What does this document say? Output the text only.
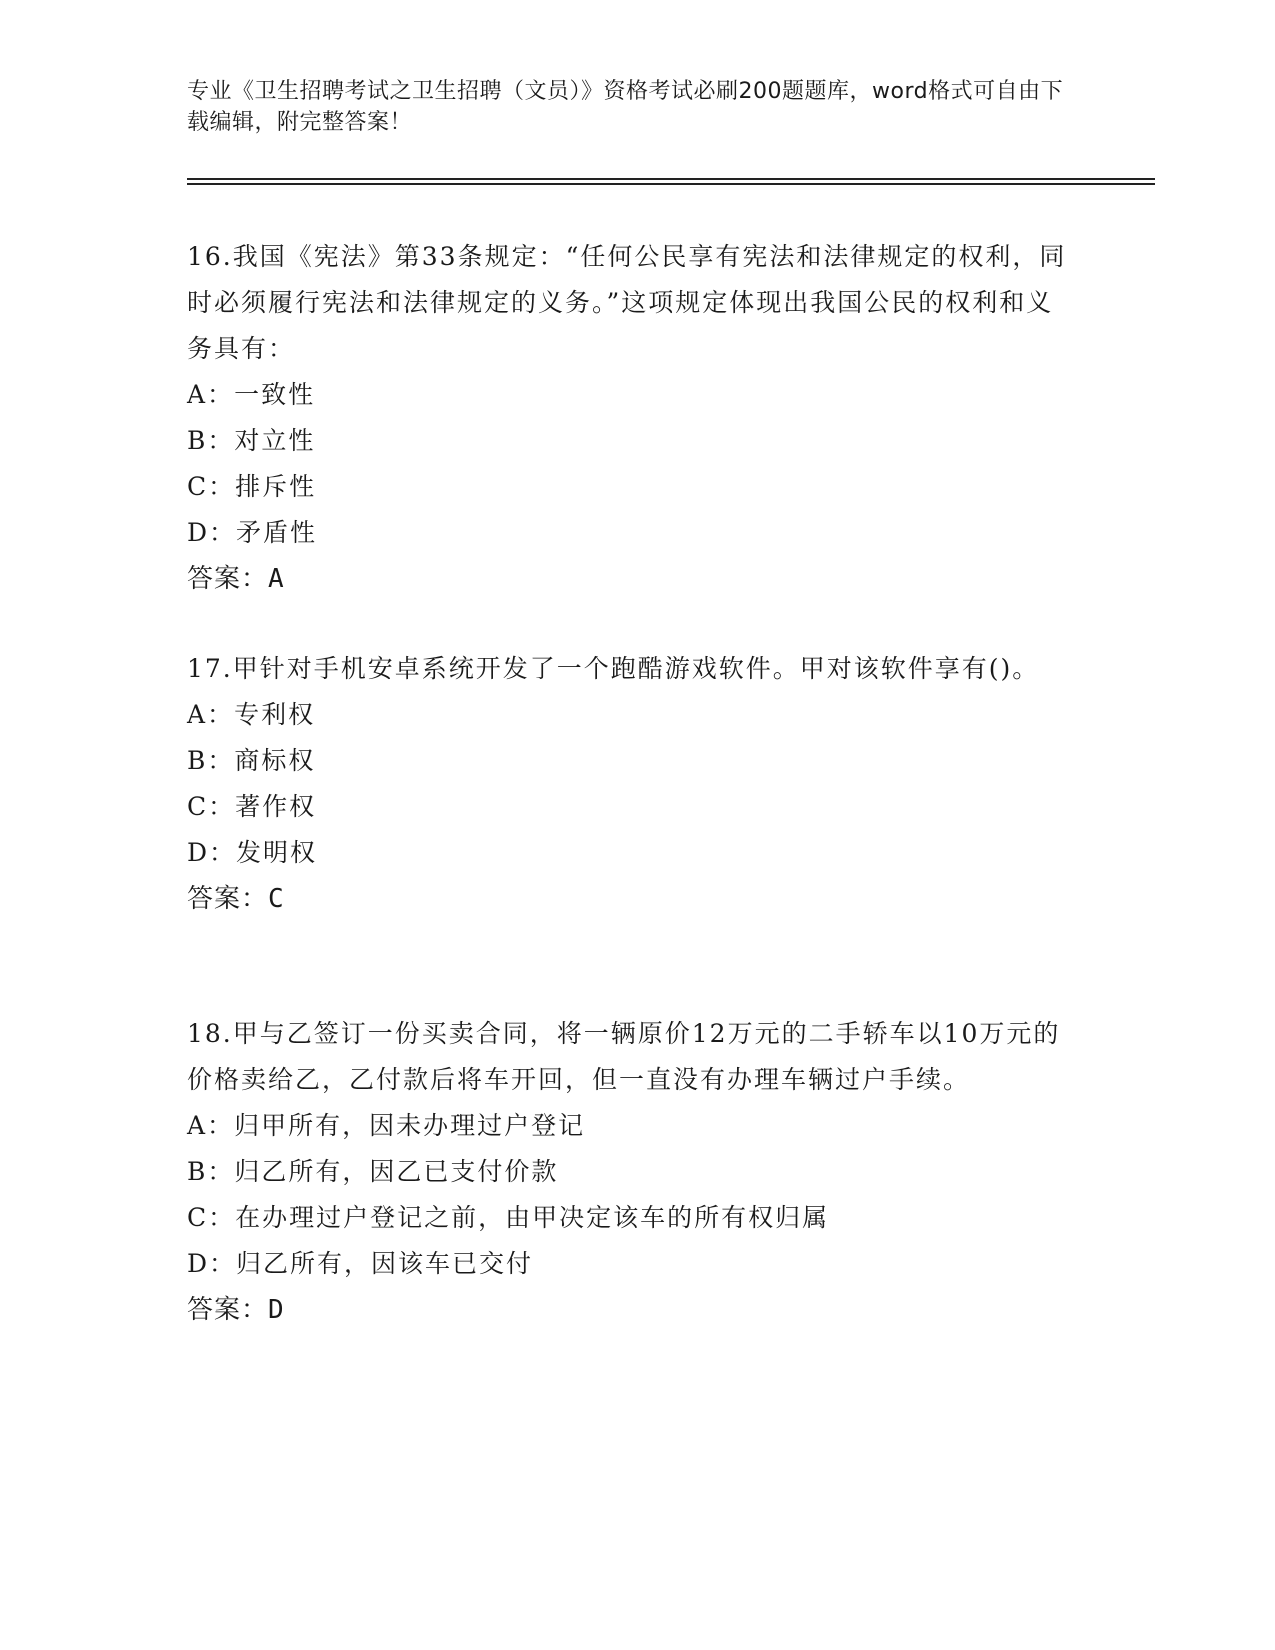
专业《卫生招聘考试之卫生招聘（文员）》资格考试必刷200题题库，word格式可自由下载编辑，附完整答案！
16.我国《宪法》第33条规定：“任何公民享有宪法和法律规定的权利，同时必须履行宪法和法律规定的义务。”这项规定体现出我国公民的权利和义务具有：
A：一致性
B：对立性
C：排斥性
D：矛盾性
答案：A
17.甲针对手机安卓系统开发了一个跑酷游戏软件。甲对该软件享有()。
A：专利权
B：商标权
C：著作权
D：发明权
答案：C
18.甲与乙签订一份买卖合同，将一辆原价12万元的二手轿车以10万元的价格卖给乙，乙付款后将车开回，但一直没有办理车辆过户手续。
A：归甲所有，因未办理过户登记
B：归乙所有，因乙已支付价款
C：在办理过户登记之前，由甲决定该车的所有权归属
D：归乙所有，因该车已交付
答案：D
